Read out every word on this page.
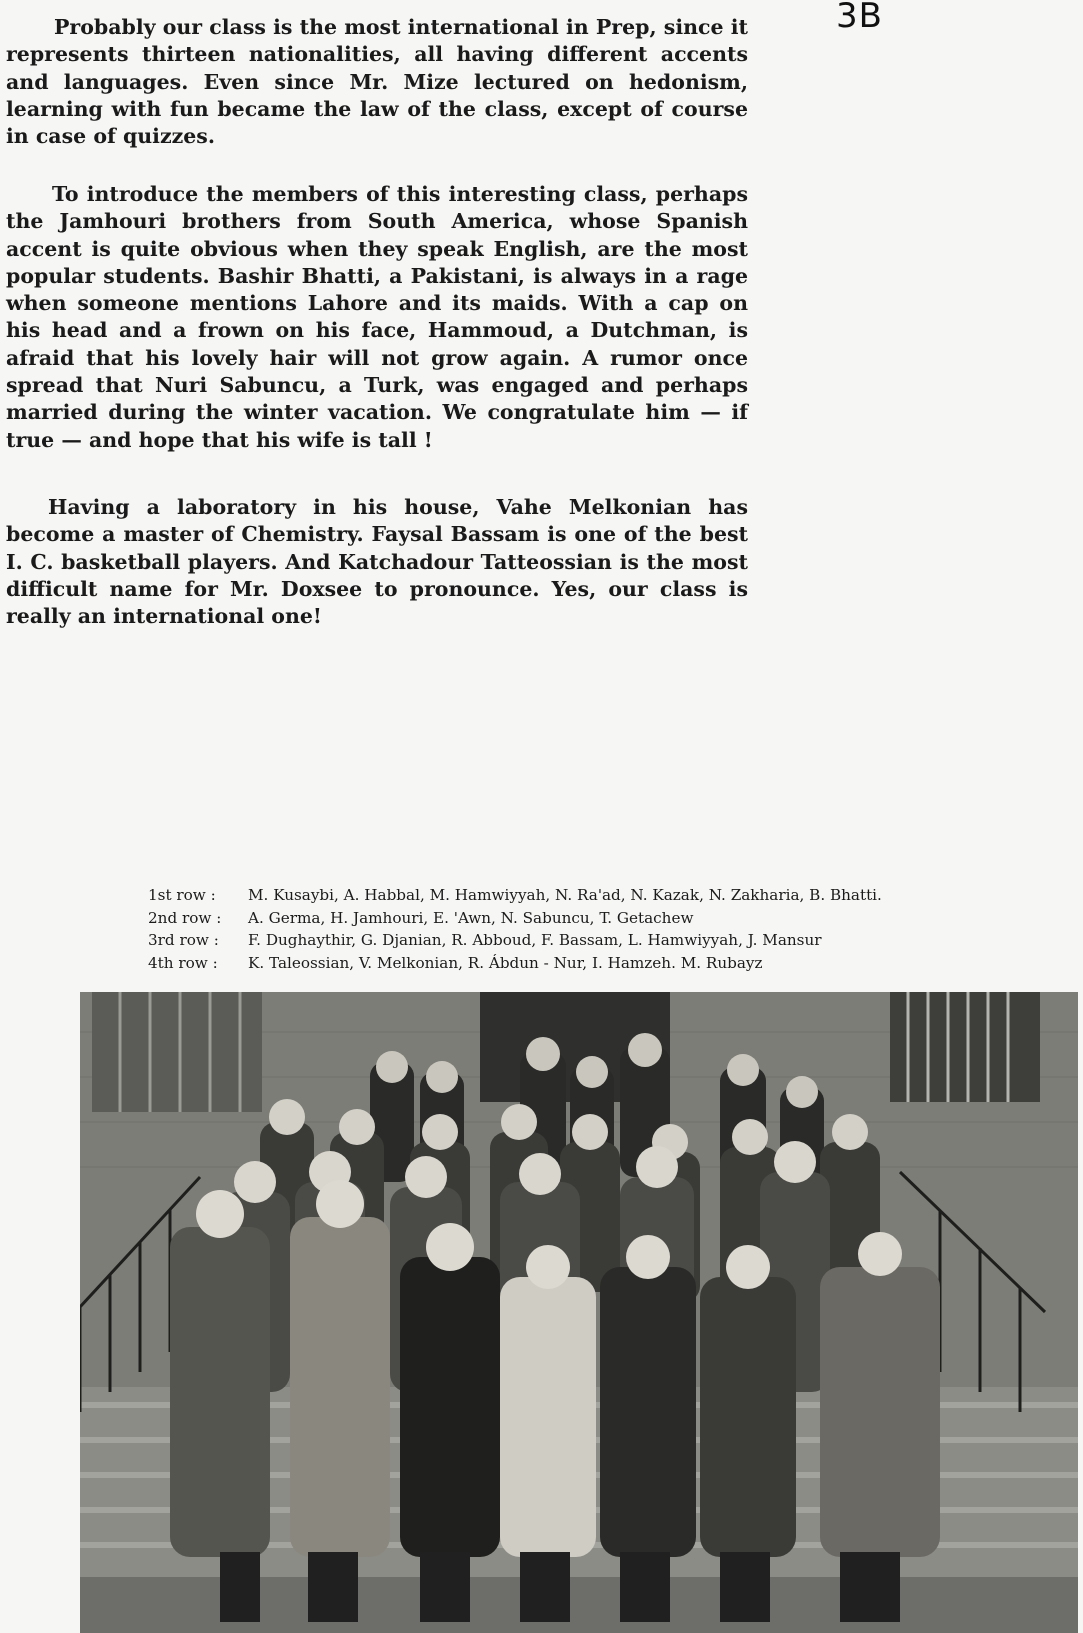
3B

Probably our class is the most international in Prep, since it represents thirteen nationalities, all having different accents and languages. Even since Mr. Mize lectured on hedonism, learning with fun became the law of the class, except of course in case of quizzes.

To introduce the members of this interesting class, perhaps the Jamhouri brothers from South America, whose Spanish accent is quite obvious when they speak English, are the most popular students. Bashir Bhatti, a Pakistani, is always in a rage when someone mentions Lahore and its maids. With a cap on his head and a frown on his face, Hammoud, a Dutchman, is afraid that his lovely hair will not grow again. A rumor once spread that Nuri Sabuncu, a Turk, was engaged and perhaps married during the winter vacation. We congratulate him — if true — and hope that his wife is tall !

Having a laboratory in his house, Vahe Melkonian has become a master of Chemistry. Faysal Bassam is one of the best I. C. basketball players. And Katchadour Tatteossian is the most difficult name for Mr. Doxsee to pronounce. Yes, our class is really an international one!

1st row :	M. Kusaybi, A. Habbal, M. Hamwiyyah, N. Ra'ad, N. Kazak, N. Zakharia, B. Bhatti.
2nd row :	A. Germa, H. Jamhouri, E. 'Awn, N. Sabuncu, T. Getachew
3rd row :	F. Dughaythir, G. Djanian, R. Abboud, F. Bassam, L. Hamwiyyah, J. Mansur
4th row :	K. Taleossian, V. Melkonian, R. Ábdun - Nur, I. Hamzeh. M. Rubayz
